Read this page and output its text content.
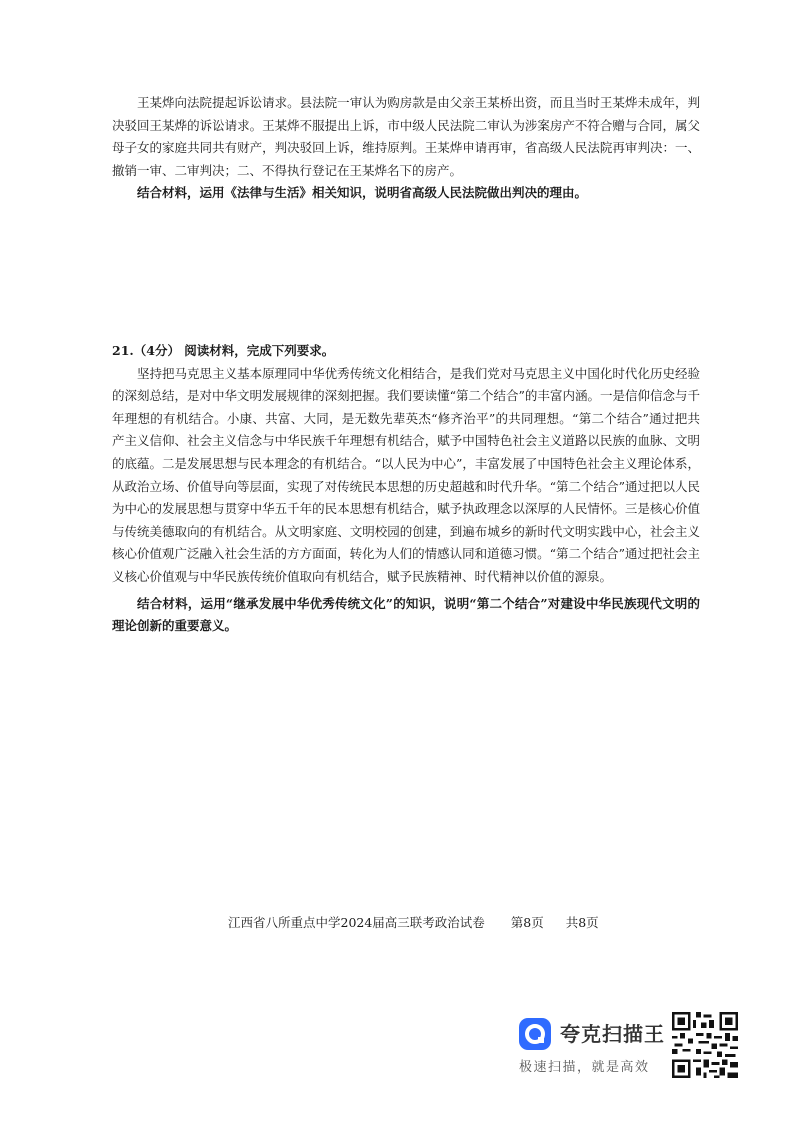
王某烨向法院提起诉讼请求。县法院一审认为购房款是由父亲王某桥出资，而且当时王某烨未成年，判决驳回王某烨的诉讼请求。王某烨不服提出上诉，市中级人民法院二审认为涉案房产不符合赠与合同，属父母子女的家庭共同共有财产，判决驳回上诉，维持原判。王某烨申请再审，省高级人民法院再审判决：一、撤销一审、二审判决；二、不得执行登记在王某烨名下的房产。

结合材料，运用《法律与生活》相关知识，说明省高级人民法院做出判决的理由。

21.（4分） 阅读材料，完成下列要求。

坚持把马克思主义基本原理同中华优秀传统文化相结合，是我们党对马克思主义中国化时代化历史经验的深刻总结，是对中华文明发展规律的深刻把握。我们要读懂“第二个结合”的丰富内涵。一是信仰信念与千年理想的有机结合。小康、共富、大同，是无数先辈英杰“修齐治平”的共同理想。“第二个结合”通过把共产主义信仰、社会主义信念与中华民族千年理想有机结合，赋予中国特色社会主义道路以民族的血脉、文明的底蕴。二是发展思想与民本理念的有机结合。“以人民为中心”，丰富发展了中国特色社会主义理论体系，从政治立场、价值导向等层面，实现了对传统民本思想的历史超越和时代升华。“第二个结合”通过把以人民为中心的发展思想与贯穿中华五千年的民本思想有机结合，赋予执政理念以深厚的人民情怀。三是核心价值与传统美德取向的有机结合。从文明家庭、文明校园的创建，到遍布城乡的新时代文明实践中心，社会主义核心价值观广泛融入社会生活的方方面面，转化为人们的情感认同和道德习惯。“第二个结合”通过把社会主义核心价值观与中华民族传统价值取向有机结合，赋予民族精神、时代精神以价值的源泉。

结合材料，运用“继承发展中华优秀传统文化”的知识，说明“第二个结合”对建设中华民族现代文明的理论创新的重要意义。

江西省八所重点中学2024届高三联考政治试卷 第8页 共8页
夸克扫描王
极速扫描，就是高效
